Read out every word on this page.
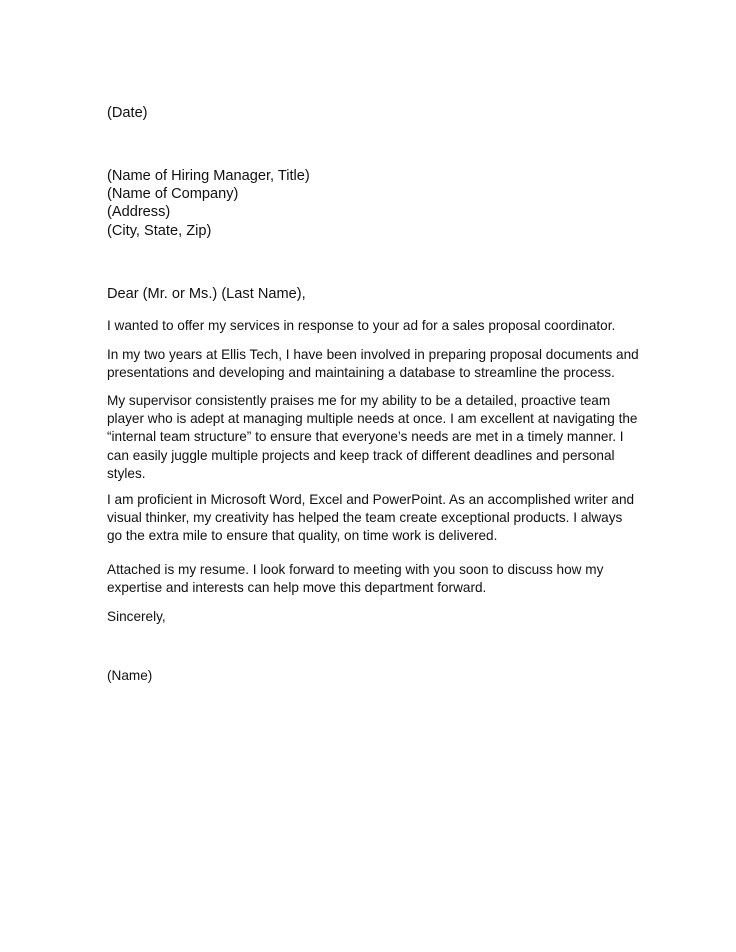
(Date)

(Name of Hiring Manager, Title)
(Name of Company)
(Address)
(City, State, Zip)

Dear (Mr. or Ms.) (Last Name),

I wanted to offer my services in response to your ad for a sales proposal coordinator.

In my two years at Ellis Tech, I have been involved in preparing proposal documents and
presentations and developing and maintaining a database to streamline the process.

My supervisor consistently praises me for my ability to be a detailed, proactive team
player who is adept at managing multiple needs at once. I am excellent at navigating the
“internal team structure” to ensure that everyone’s needs are met in a timely manner. I
can easily juggle multiple projects and keep track of different deadlines and personal
styles.

I am proficient in Microsoft Word, Excel and PowerPoint. As an accomplished writer and
visual thinker, my creativity has helped the team create exceptional products. I always
go the extra mile to ensure that quality, on time work is delivered.

Attached is my resume. I look forward to meeting with you soon to discuss how my
expertise and interests can help move this department forward.

Sincerely,

(Name)
